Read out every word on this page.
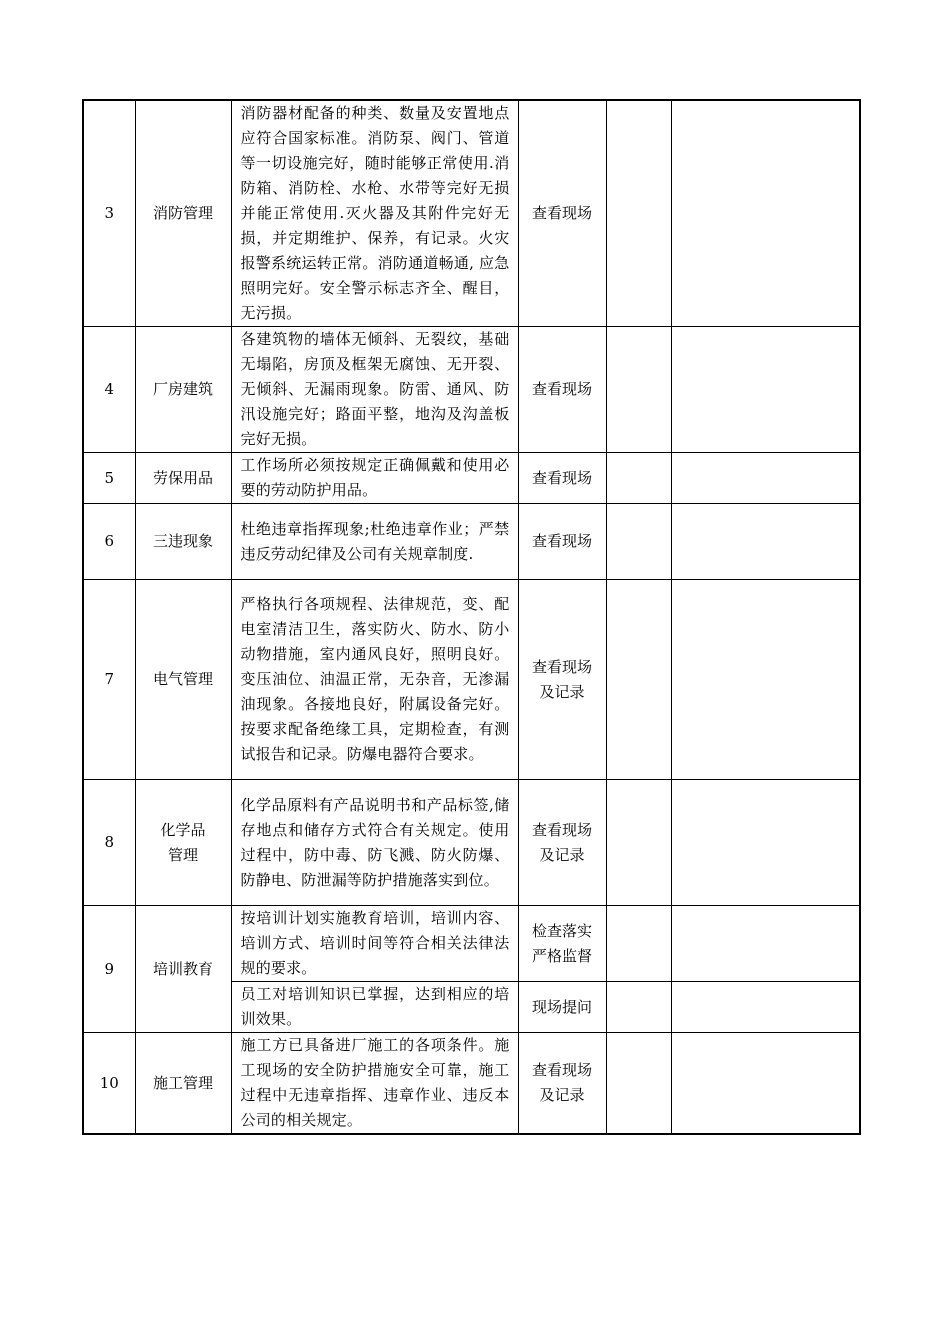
3	消防管理	消防器材配备的种类、数量及安置地点应符合国家标准。消防泵、阀门、管道等一切设施完好，随时能够正常使用.消防箱、消防栓、水枪、水带等完好无损并能正常使用.灭火器及其附件完好无损，并定期维护、保养，有记录。火灾报警系统运转正常。消防通道畅通, 应急照明完好。安全警示标志齐全、醒目，无污损。	查看现场		
4	厂房建筑	各建筑物的墙体无倾斜、无裂纹，基础无塌陷，房顶及框架无腐蚀、无开裂、无倾斜、无漏雨现象。防雷、通风、防汛设施完好；路面平整，地沟及沟盖板完好无损。	查看现场		
5	劳保用品	工作场所必须按规定正确佩戴和使用必要的劳动防护用品。	查看现场		
6	三违现象	杜绝违章指挥现象;杜绝违章作业；严禁违反劳动纪律及公司有关规章制度.	查看现场		
7	电气管理	严格执行各项规程、法律规范，变、配电室清洁卫生，落实防火、防水、防小动物措施，室内通风良好，照明良好。变压油位、油温正常，无杂音，无渗漏油现象。各接地良好，附属设备完好。按要求配备绝缘工具，定期检查，有测试报告和记录。防爆电器符合要求。	查看现场
及记录		
8	化学品
管理	化学品原料有产品说明书和产品标签,储存地点和储存方式符合有关规定。使用过程中，防中毒、防飞溅、防火防爆、防静电、防泄漏等防护措施落实到位。	查看现场
及记录		
9	培训教育	按培训计划实施教育培训，培训内容、培训方式、培训时间等符合相关法律法规的要求。	检查落实
严格监督		
		员工对培训知识已掌握，达到相应的培训效果。	现场提问		
10	施工管理	施工方已具备进厂施工的各项条件。施工现场的安全防护措施安全可靠，施工过程中无违章指挥、违章作业、违反本公司的相关规定。	查看现场
及记录		
